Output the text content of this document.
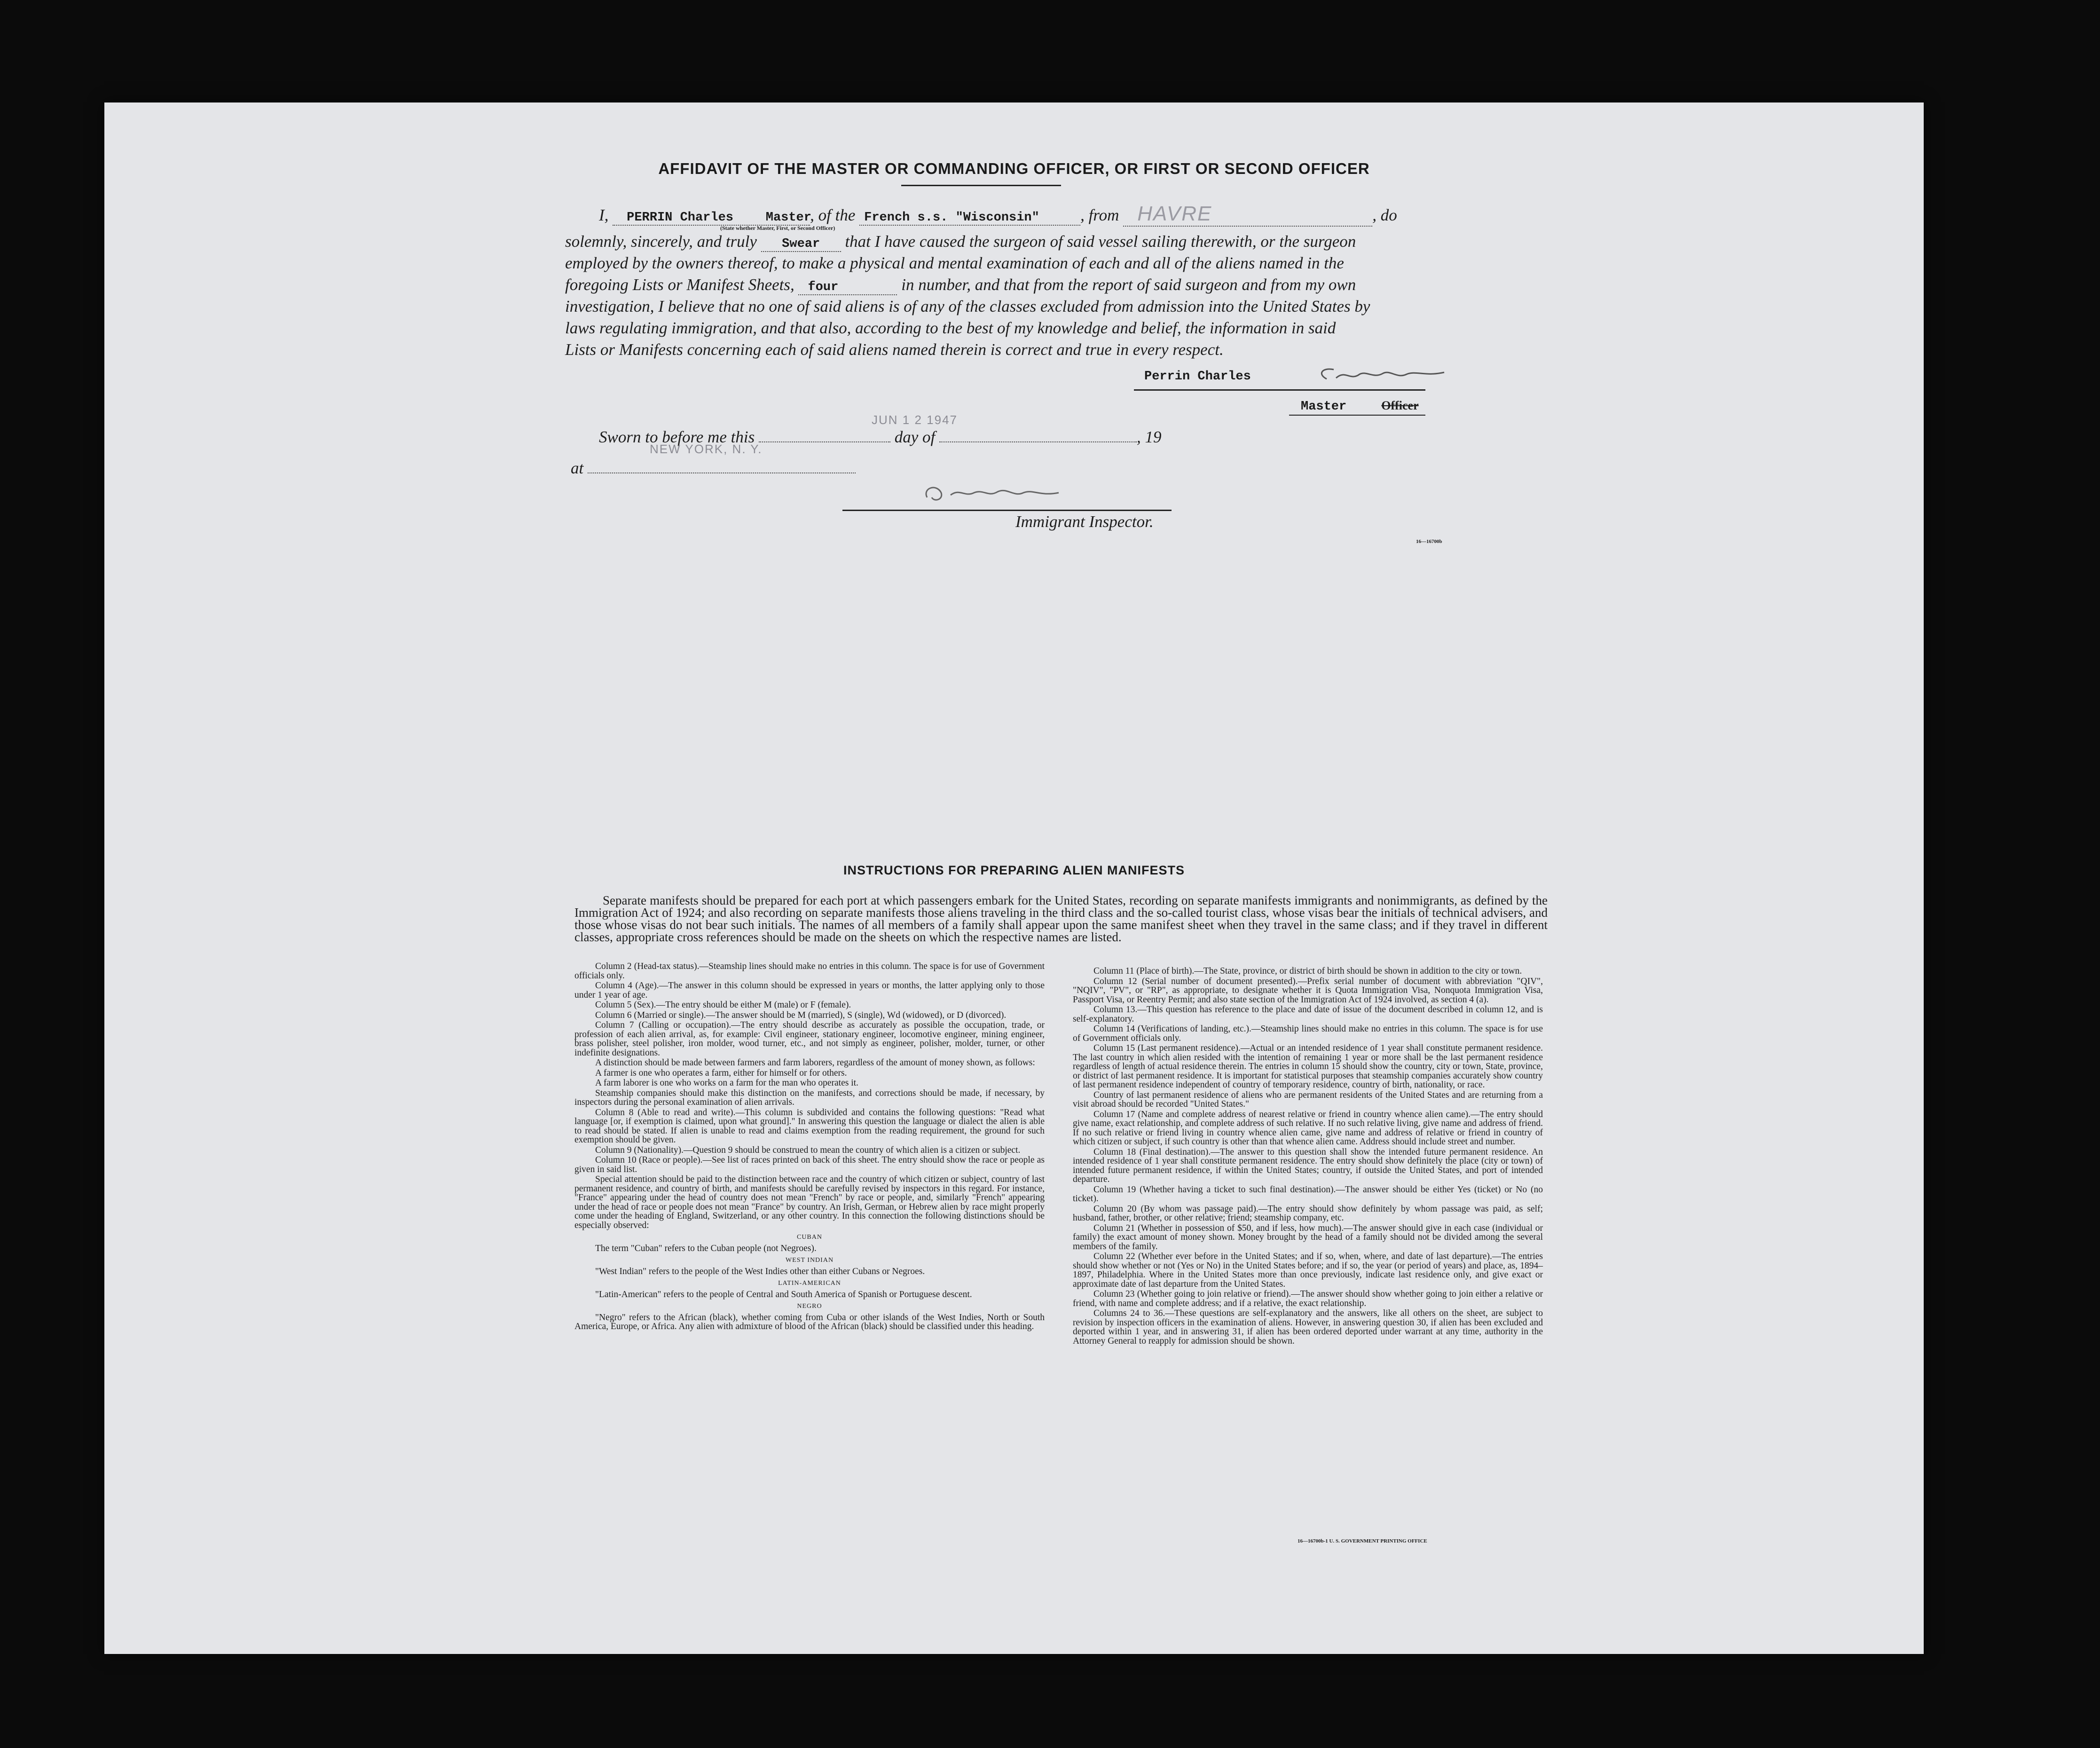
AFFIDAVIT OF THE MASTER OR COMMANDING OFFICER, OR FIRST OR SECOND OFFICER
I, PERRIN Charles	Master, of the French s.s. "Wisconsin" , from HAVRE	, do
(State whether Master, First, or Second Officer)
solemnly, sincerely, and truly Swear that I have caused the surgeon of said vessel sailing therewith, or the surgeon
employed by the owners thereof, to make a physical and mental examination of each and all of the aliens named in the
foregoing Lists or Manifest Sheets, four	in number, and that from the report of said surgeon and from my own
investigation, I believe that no one of said aliens is of any of the classes excluded from admission into the United States by
laws regulating immigration, and that also, according to the best of my knowledge and belief, the information in said
Lists or Manifests concerning each of said aliens named therein is correct and true in every respect.
Perrin Charles
Master	Officer
Sworn to before me this	day of	, 19
JUN 1 2 1947
at
NEW YORK, N. Y.
Immigrant Inspector.
16—16700b
INSTRUCTIONS FOR PREPARING ALIEN MANIFESTS
Separate manifests should be prepared for each port at which passengers embark for the United States, recording on separate manifests immigrants and nonimmigrants, as defined by the Immigration Act of 1924; and also recording on separate manifests those aliens traveling in the third class and the so-called tourist class, whose visas bear the initials of technical advisers, and those whose visas do not bear such initials. The names of all members of a family shall appear upon the same manifest sheet when they travel in the same class; and if they travel in different classes, appropriate cross references should be made on the sheets on which the respective names are listed.

Column 2 (Head-tax status).—Steamship lines should make no entries in this column. The space is for use of Government officials only.

Column 4 (Age).—The answer in this column should be expressed in years or months, the latter applying only to those under 1 year of age.

Column 5 (Sex).—The entry should be either M (male) or F (female).

Column 6 (Married or single).—The answer should be M (married), S (single), Wd (widowed), or D (divorced).

Column 7 (Calling or occupation).—The entry should describe as accurately as possible the occupation, trade, or profession of each alien arrival, as, for example: Civil engineer, stationary engineer, locomotive engineer, mining engineer, brass polisher, steel polisher, iron molder, wood turner, etc., and not simply as engineer, polisher, molder, turner, or other indefinite designations.

A distinction should be made between farmers and farm laborers, regardless of the amount of money shown, as follows:

A farmer is one who operates a farm, either for himself or for others.

A farm laborer is one who works on a farm for the man who operates it.

Steamship companies should make this distinction on the manifests, and corrections should be made, if necessary, by inspectors during the personal examination of alien arrivals.

Column 8 (Able to read and write).—This column is subdivided and contains the following questions: "Read what language [or, if exemption is claimed, upon what ground]." In answering this question the language or dialect the alien is able to read should be stated. If alien is unable to read and claims exemption from the reading requirement, the ground for such exemption should be given.

Column 9 (Nationality).—Question 9 should be construed to mean the country of which alien is a citizen or subject.

Column 10 (Race or people).—See list of races printed on back of this sheet. The entry should show the race or people as given in said list.

Special attention should be paid to the distinction between race and the country of which citizen or subject, country of last permanent residence, and country of birth, and manifests should be carefully revised by inspectors in this regard. For instance, "France" appearing under the head of country does not mean "French" by race or people, and, similarly "French" appearing under the head of race or people does not mean "France" by country. An Irish, German, or Hebrew alien by race might properly come under the heading of England, Switzerland, or any other country. In this connection the following distinctions should be especially observed:

CUBAN

The term "Cuban" refers to the Cuban people (not Negroes).

WEST INDIAN

"West Indian" refers to the people of the West Indies other than either Cubans or Negroes.

LATIN-AMERICAN

"Latin-American" refers to the people of Central and South America of Spanish or Portuguese descent.

NEGRO

"Negro" refers to the African (black), whether coming from Cuba or other islands of the West Indies, North or South America, Europe, or Africa. Any alien with admixture of blood of the African (black) should be classified under this heading.

Column 11 (Place of birth).—The State, province, or district of birth should be shown in addition to the city or town.

Column 12 (Serial number of document presented).—Prefix serial number of document with abbreviation "QIV", "NQIV", "PV", or "RP", as appropriate, to designate whether it is Quota Immigration Visa, Nonquota Immigration Visa, Passport Visa, or Reentry Permit; and also state section of the Immigration Act of 1924 involved, as section 4 (a).

Column 13.—This question has reference to the place and date of issue of the document described in column 12, and is self-explanatory.

Column 14 (Verifications of landing, etc.).—Steamship lines should make no entries in this column. The space is for use of Government officials only.

Column 15 (Last permanent residence).—Actual or an intended residence of 1 year shall constitute permanent residence. The last country in which alien resided with the intention of remaining 1 year or more shall be the last permanent residence regardless of length of actual residence therein. The entries in column 15 should show the country, city or town, State, province, or district of last permanent residence. It is important for statistical purposes that steamship companies accurately show country of last permanent residence independent of country of temporary residence, country of birth, nationality, or race.

Country of last permanent residence of aliens who are permanent residents of the United States and are returning from a visit abroad should be recorded "United States."

Column 17 (Name and complete address of nearest relative or friend in country whence alien came).—The entry should give name, exact relationship, and complete address of such relative. If no such relative living, give name and address of friend. If no such relative or friend living in country whence alien came, give name and address of relative or friend in country of which citizen or subject, if such country is other than that whence alien came. Address should include street and number.

Column 18 (Final destination).—The answer to this question shall show the intended future permanent residence. An intended residence of 1 year shall constitute permanent residence. The entry should show definitely the place (city or town) of intended future permanent residence, if within the United States; country, if outside the United States, and port of intended departure.

Column 19 (Whether having a ticket to such final destination).—The answer should be either Yes (ticket) or No (no ticket).

Column 20 (By whom was passage paid).—The entry should show definitely by whom passage was paid, as self; husband, father, brother, or other relative; friend; steamship company, etc.

Column 21 (Whether in possession of $50, and if less, how much).—The answer should give in each case (individual or family) the exact amount of money shown. Money brought by the head of a family should not be divided among the several members of the family.

Column 22 (Whether ever before in the United States; and if so, when, where, and date of last departure).—The entries should show whether or not (Yes or No) in the United States before; and if so, the year (or period of years) and place, as, 1894–1897, Philadelphia. Where in the United States more than once previously, indicate last residence only, and give exact or approximate date of last departure from the United States.

Column 23 (Whether going to join relative or friend).—The answer should show whether going to join either a relative or friend, with name and complete address; and if a relative, the exact relationship.

Columns 24 to 36.—These questions are self-explanatory and the answers, like all others on the sheet, are subject to revision by inspection officers in the examination of aliens. However, in answering question 30, if alien has been excluded and deported within 1 year, and in answering 31, if alien has been ordered deported under warrant at any time, authority in the Attorney General to reapply for admission should be shown.

16—16700b-1 U. S. GOVERNMENT PRINTING OFFICE
